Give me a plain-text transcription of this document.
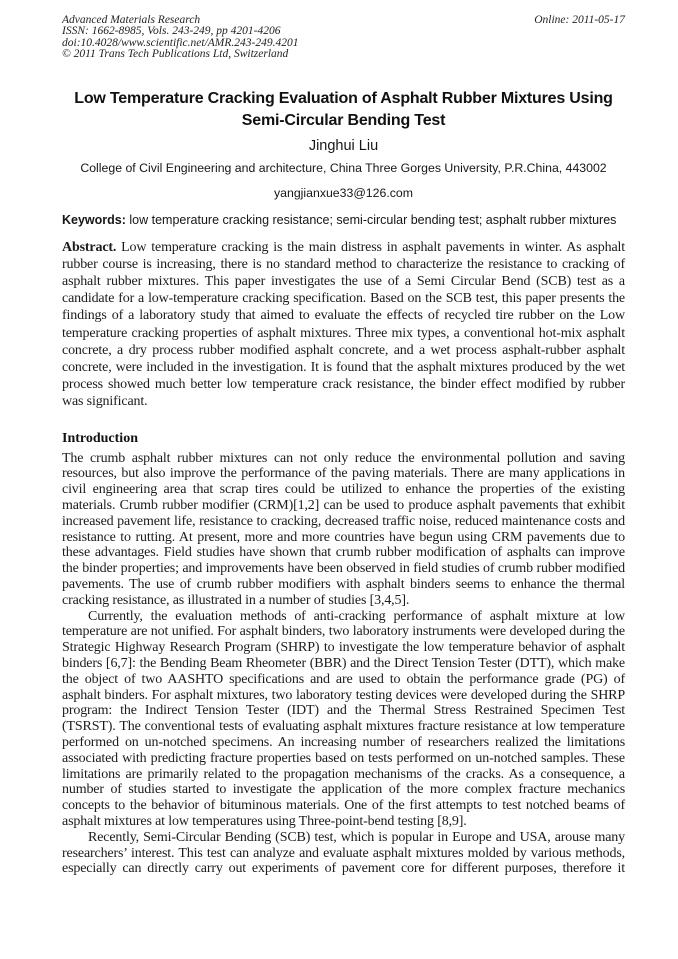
Advanced Materials Research
ISSN: 1662-8985, Vols. 243-249, pp 4201-4206
doi:10.4028/www.scientific.net/AMR.243-249.4201
© 2011 Trans Tech Publications Ltd, Switzerland
Online: 2011-05-17
Low Temperature Cracking Evaluation of Asphalt Rubber Mixtures Using
Semi-Circular Bending Test
Jinghui Liu
College of Civil Engineering and architecture, China Three Gorges University, P.R.China, 443002
yangjianxue33@126.com

Keywords: low temperature cracking resistance; semi-circular bending test; asphalt rubber mixtures

Abstract. Low temperature cracking is the main distress in asphalt pavements in winter. As asphalt rubber course is increasing, there is no standard method to characterize the resistance to cracking of asphalt rubber mixtures. This paper investigates the use of a Semi Circular Bend (SCB) test as a candidate for a low-temperature cracking specification. Based on the SCB test, this paper presents the findings of a laboratory study that aimed to evaluate the effects of recycled tire rubber on the Low temperature cracking properties of asphalt mixtures. Three mix types, a conventional hot-mix asphalt concrete, a dry process rubber modified asphalt concrete, and a wet process asphalt-rubber asphalt concrete, were included in the investigation. It is found that the asphalt mixtures produced by the wet process showed much better low temperature crack resistance, the binder effect modified by rubber was significant.

Introduction

The crumb asphalt rubber mixtures can not only reduce the environmental pollution and saving resources, but also improve the performance of the paving materials. There are many applications in civil engineering area that scrap tires could be utilized to enhance the properties of the existing materials. Crumb rubber modifier (CRM)[1,2] can be used to produce asphalt pavements that exhibit increased pavement life, resistance to cracking, decreased traffic noise, reduced maintenance costs and resistance to rutting. At present, more and more countries have begun using CRM pavements due to these advantages. Field studies have shown that crumb rubber modification of asphalts can improve the binder properties; and improvements have been observed in field studies of crumb rubber modified pavements. The use of crumb rubber modifiers with asphalt binders seems to enhance the thermal cracking resistance, as illustrated in a number of studies [3,4,5].

Currently, the evaluation methods of anti-cracking performance of asphalt mixture at low temperature are not unified. For asphalt binders, two laboratory instruments were developed during the Strategic Highway Research Program (SHRP) to investigate the low temperature behavior of asphalt binders [6,7]: the Bending Beam Rheometer (BBR) and the Direct Tension Tester (DTT), which make the object of two AASHTO specifications and are used to obtain the performance grade (PG) of asphalt binders. For asphalt mixtures, two laboratory testing devices were developed during the SHRP program: the Indirect Tension Tester (IDT) and the Thermal Stress Restrained Specimen Test (TSRST). The conventional tests of evaluating asphalt mixtures fracture resistance at low temperature performed on un-notched specimens. An increasing number of researchers realized the limitations associated with predicting fracture properties based on tests performed on un-notched samples. These limitations are primarily related to the propagation mechanisms of the cracks. As a consequence, a number of studies started to investigate the application of the more complex fracture mechanics concepts to the behavior of bituminous materials. One of the first attempts to test notched beams of asphalt mixtures at low temperatures using Three-point-bend testing [8,9].

Recently, Semi-Circular Bending (SCB) test, which is popular in Europe and USA, arouse many researchers’ interest. This test can analyze and evaluate asphalt mixtures molded by various methods, especially can directly carry out experiments of pavement core for different purposes, therefore it
